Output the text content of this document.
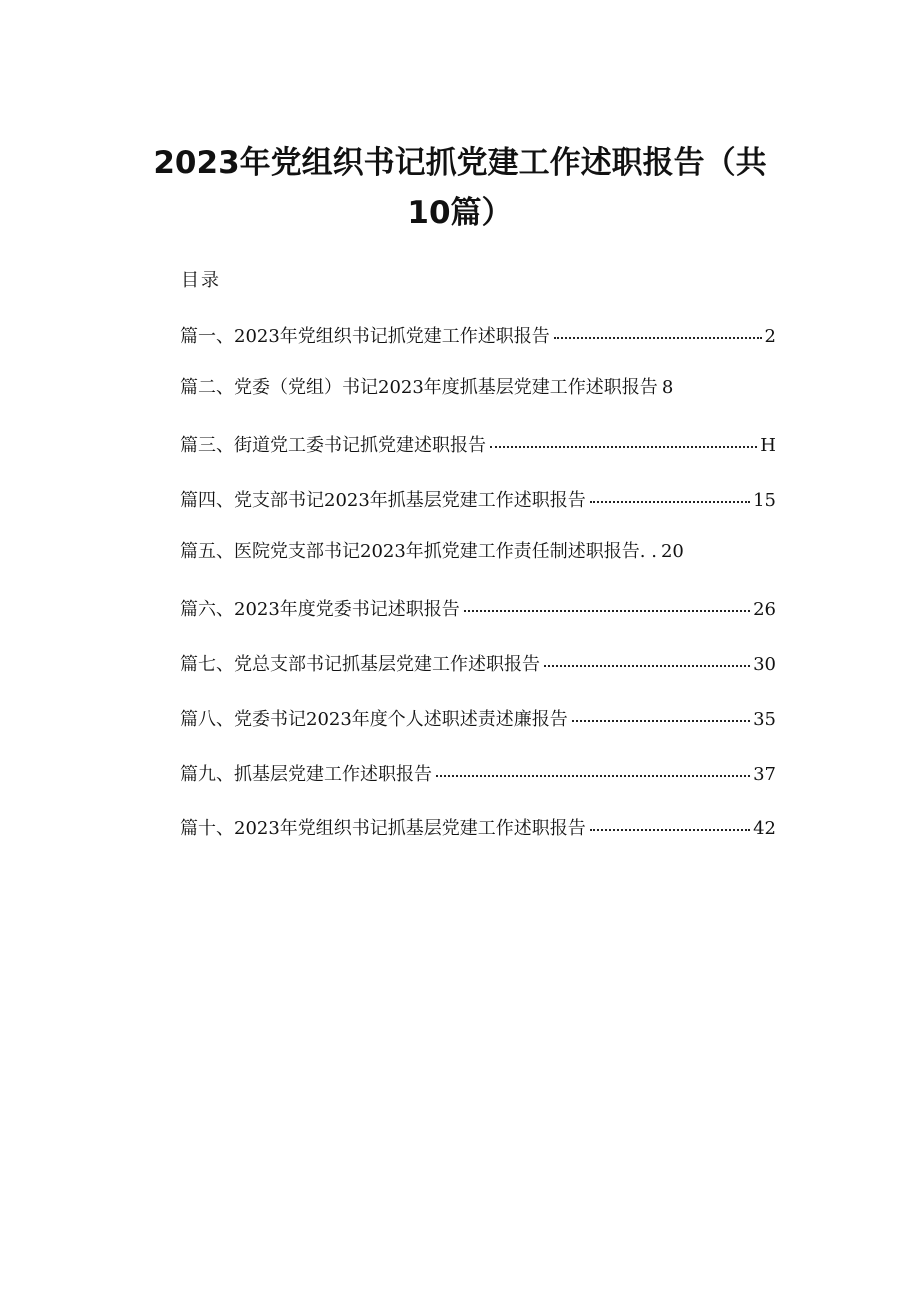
2023年党组织书记抓党建工作述职报告（共
10篇）
目录
篇一、2023年党组织书记抓党建工作述职报告	2
篇二、党委（党组）书记2023年度抓基层党建工作述职报告 8
篇三、街道党工委书记抓党建述职报告	H
篇四、党支部书记2023年抓基层党建工作述职报告	15
篇五、医院党支部书记2023年抓党建工作责任制述职报告. . 20
篇六、2023年度党委书记述职报告	26
篇七、党总支部书记抓基层党建工作述职报告	30
篇八、党委书记2023年度个人述职述责述廉报告	35
篇九、抓基层党建工作述职报告	37
篇十、2023年党组织书记抓基层党建工作述职报告	42
